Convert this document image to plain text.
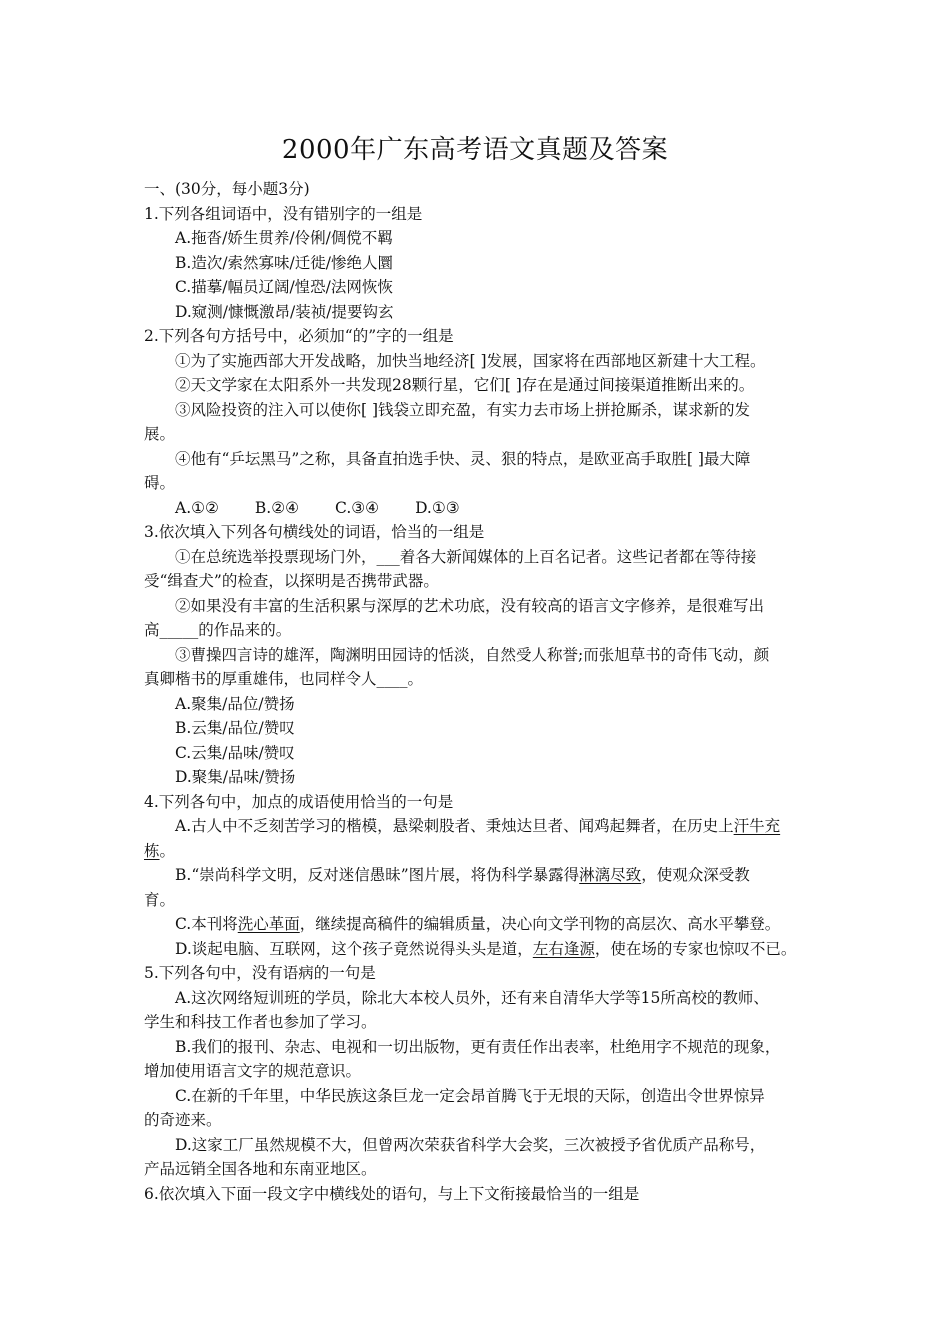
2000年广东高考语文真题及答案
一、(30分，每小题3分)
1.下列各组词语中，没有错别字的一组是
A.拖沓/娇生贯养/伶俐/倜傥不羁
B.造次/索然寡味/迁徙/惨绝人圜
C.描摹/幅员辽阔/惶恐/法网恢恢
D.窥测/慷慨激昂/装祯/提要钩玄
2.下列各句方括号中，必须加“的”字的一组是
①为了实施西部大开发战略，加快当地经济[ ]发展，国家将在西部地区新建十大工程。
②天文学家在太阳系外一共发现28颗行星，它们[ ]存在是通过间接渠道推断出来的。
③风险投资的注入可以使你[ ]钱袋立即充盈，有实力去市场上拼抢厮杀，谋求新的发
展。
④他有“乒坛黑马”之称，具备直拍选手快、灵、狠的特点，是欧亚高手取胜[ ]最大障
碍。
A.①② B.②④ C.③④ D.①③
3.依次填入下列各句横线处的词语，恰当的一组是
①在总统选举投票现场门外，___着各大新闻媒体的上百名记者。这些记者都在等待接
受“缉查犬”的检查，以探明是否携带武器。
②如果没有丰富的生活积累与深厚的艺术功底，没有较高的语言文字修养，是很难写出
高_____的作品来的。
③曹操四言诗的雄浑，陶渊明田园诗的恬淡，自然受人称誉;而张旭草书的奇伟飞动，颜
真卿楷书的厚重雄伟，也同样令人____。
A.聚集/品位/赞扬
B.云集/品位/赞叹
C.云集/品味/赞叹
D.聚集/品味/赞扬
4.下列各句中，加点的成语使用恰当的一句是
A.古人中不乏刻苦学习的楷模，悬梁刺股者、秉烛达旦者、闻鸡起舞者，在历史上汗牛充
栋。
B.“崇尚科学文明，反对迷信愚昧”图片展，将伪科学暴露得淋漓尽致，使观众深受教
育。
C.本刊将洗心革面，继续提高稿件的编辑质量，决心向文学刊物的高层次、高水平攀登。
D.谈起电脑、互联网，这个孩子竟然说得头头是道，左右逢源，使在场的专家也惊叹不已。
5.下列各句中，没有语病的一句是
A.这次网络短训班的学员，除北大本校人员外，还有来自清华大学等15所高校的教师、
学生和科技工作者也参加了学习。
B.我们的报刊、杂志、电视和一切出版物，更有责任作出表率，杜绝用字不规范的现象，
增加使用语言文字的规范意识。
C.在新的千年里，中华民族这条巨龙一定会昂首腾飞于无垠的天际，创造出令世界惊异
的奇迹来。
D.这家工厂虽然规模不大，但曾两次荣获省科学大会奖，三次被授予省优质产品称号，
产品远销全国各地和东南亚地区。
6.依次填入下面一段文字中横线处的语句，与上下文衔接最恰当的一组是
